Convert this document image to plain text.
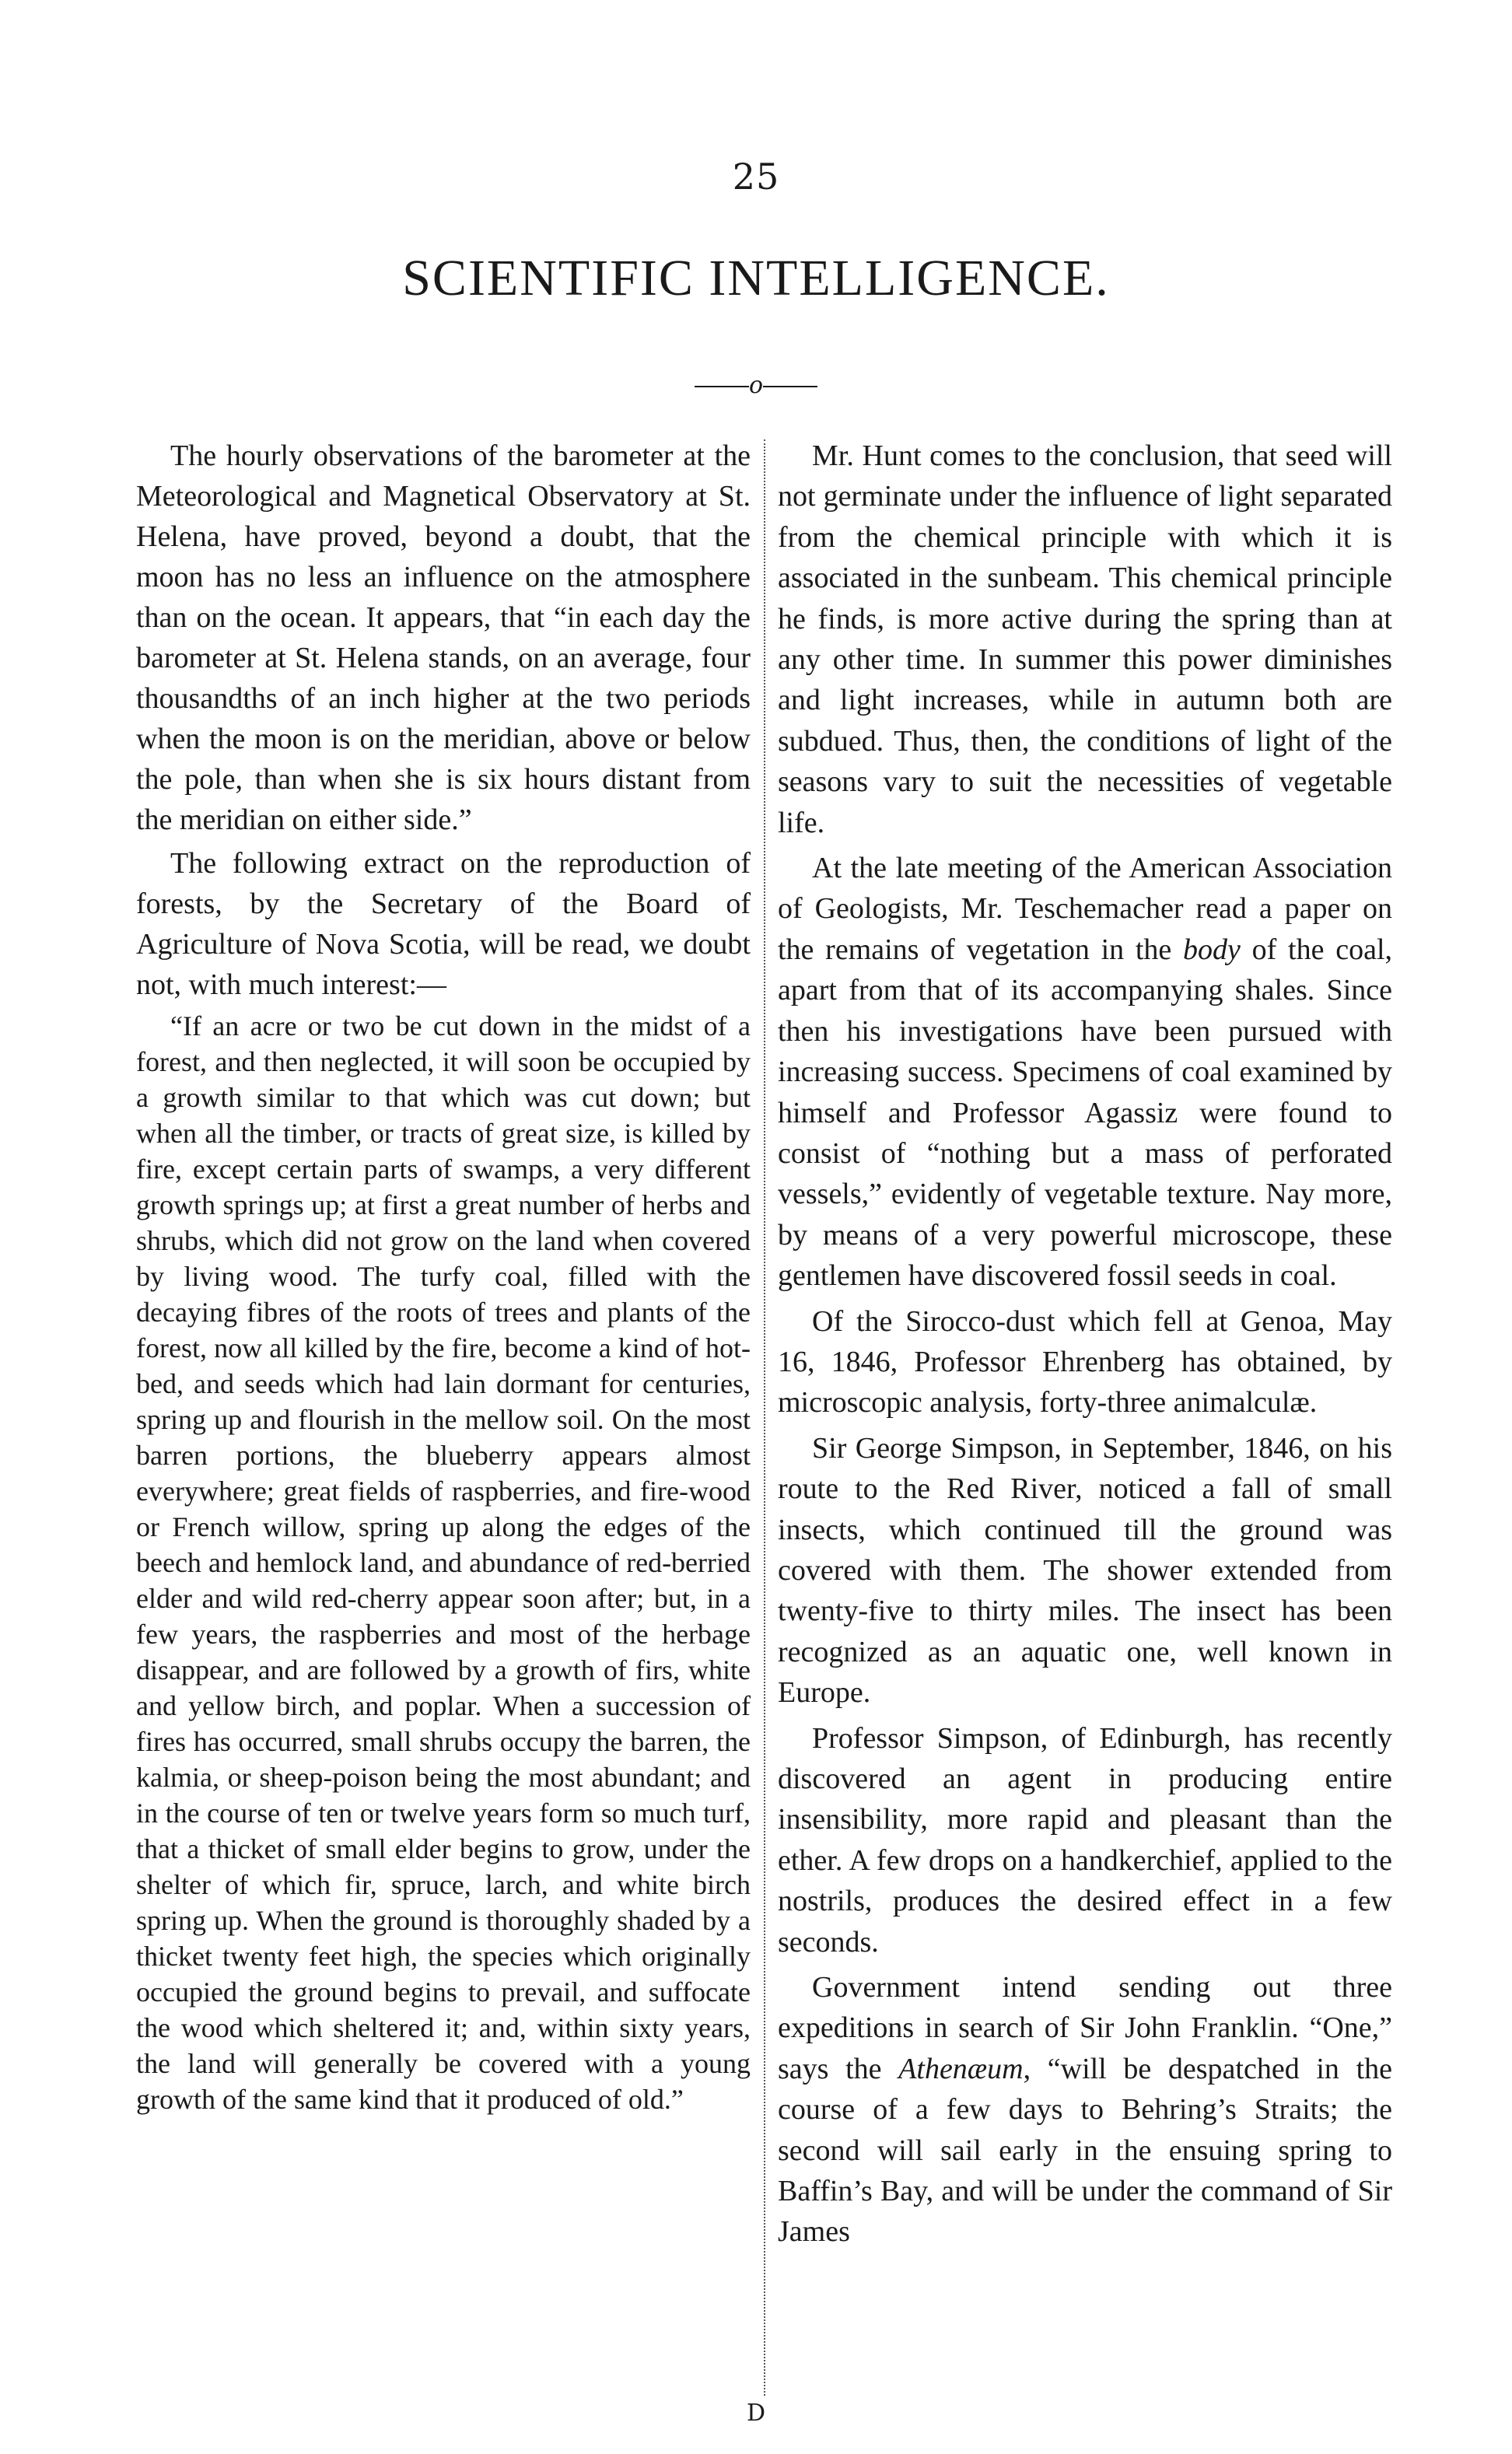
25
SCIENTIFIC INTELLIGENCE.
o

The hourly observations of the barometer at the Meteorological and Magnetical Observatory at St. Helena, have proved, beyond a doubt, that the moon has no less an influence on the atmosphere than on the ocean. It appears, that “in each day the barometer at St. Helena stands, on an average, four thousandths of an inch higher at the two periods when the moon is on the meridian, above or below the pole, than when she is six hours distant from the meridian on either side.”

The following extract on the reproduction of forests, by the Secretary of the Board of Agriculture of Nova Scotia, will be read, we doubt not, with much interest:—

“If an acre or two be cut down in the midst of a forest, and then neglected, it will soon be occupied by a growth similar to that which was cut down; but when all the timber, or tracts of great size, is killed by fire, except certain parts of swamps, a very different growth springs up; at first a great number of herbs and shrubs, which did not grow on the land when covered by living wood. The turfy coal, filled with the decaying fibres of the roots of trees and plants of the forest, now all killed by the fire, become a kind of hot-bed, and seeds which had lain dormant for centuries, spring up and flourish in the mellow soil. On the most barren portions, the blueberry appears almost everywhere; great fields of raspberries, and fire-wood or French willow, spring up along the edges of the beech and hemlock land, and abundance of red-berried elder and wild red-cherry appear soon after; but, in a few years, the raspberries and most of the herbage disappear, and are followed by a growth of firs, white and yellow birch, and poplar. When a succession of fires has occurred, small shrubs occupy the barren, the kalmia, or sheep-poison being the most abundant; and in the course of ten or twelve years form so much turf, that a thicket of small elder begins to grow, under the shelter of which fir, spruce, larch, and white birch spring up. When the ground is thoroughly shaded by a thicket twenty feet high, the species which originally occupied the ground begins to prevail, and suffocate the wood which sheltered it; and, within sixty years, the land will generally be covered with a young growth of the same kind that it produced of old.”

Mr. Hunt comes to the conclusion, that seed will not germinate under the influence of light separated from the chemical principle with which it is associated in the sunbeam. This chemical principle he finds, is more active during the spring than at any other time. In summer this power diminishes and light increases, while in autumn both are subdued. Thus, then, the conditions of light of the seasons vary to suit the necessities of vegetable life.

At the late meeting of the American Association of Geologists, Mr. Teschemacher read a paper on the remains of vegetation in the body of the coal, apart from that of its accompanying shales. Since then his investigations have been pursued with increasing success. Specimens of coal examined by himself and Professor Agassiz were found to consist of “nothing but a mass of perforated vessels,” evidently of vegetable texture. Nay more, by means of a very powerful microscope, these gentlemen have discovered fossil seeds in coal.

Of the Sirocco-dust which fell at Genoa, May 16, 1846, Professor Ehrenberg has obtained, by microscopic analysis, forty-three animalculæ.

Sir George Simpson, in September, 1846, on his route to the Red River, noticed a fall of small insects, which continued till the ground was covered with them. The shower extended from twenty-five to thirty miles. The insect has been recognized as an aquatic one, well known in Europe.

Professor Simpson, of Edinburgh, has recently discovered an agent in producing entire insensibility, more rapid and pleasant than the ether. A few drops on a handkerchief, applied to the nostrils, produces the desired effect in a few seconds.

Government intend sending out three expeditions in search of Sir John Franklin. “One,” says the Athenæum, “will be despatched in the course of a few days to Behring’s Straits; the second will sail early in the ensuing spring to Baffin’s Bay, and will be under the command of Sir James

D
